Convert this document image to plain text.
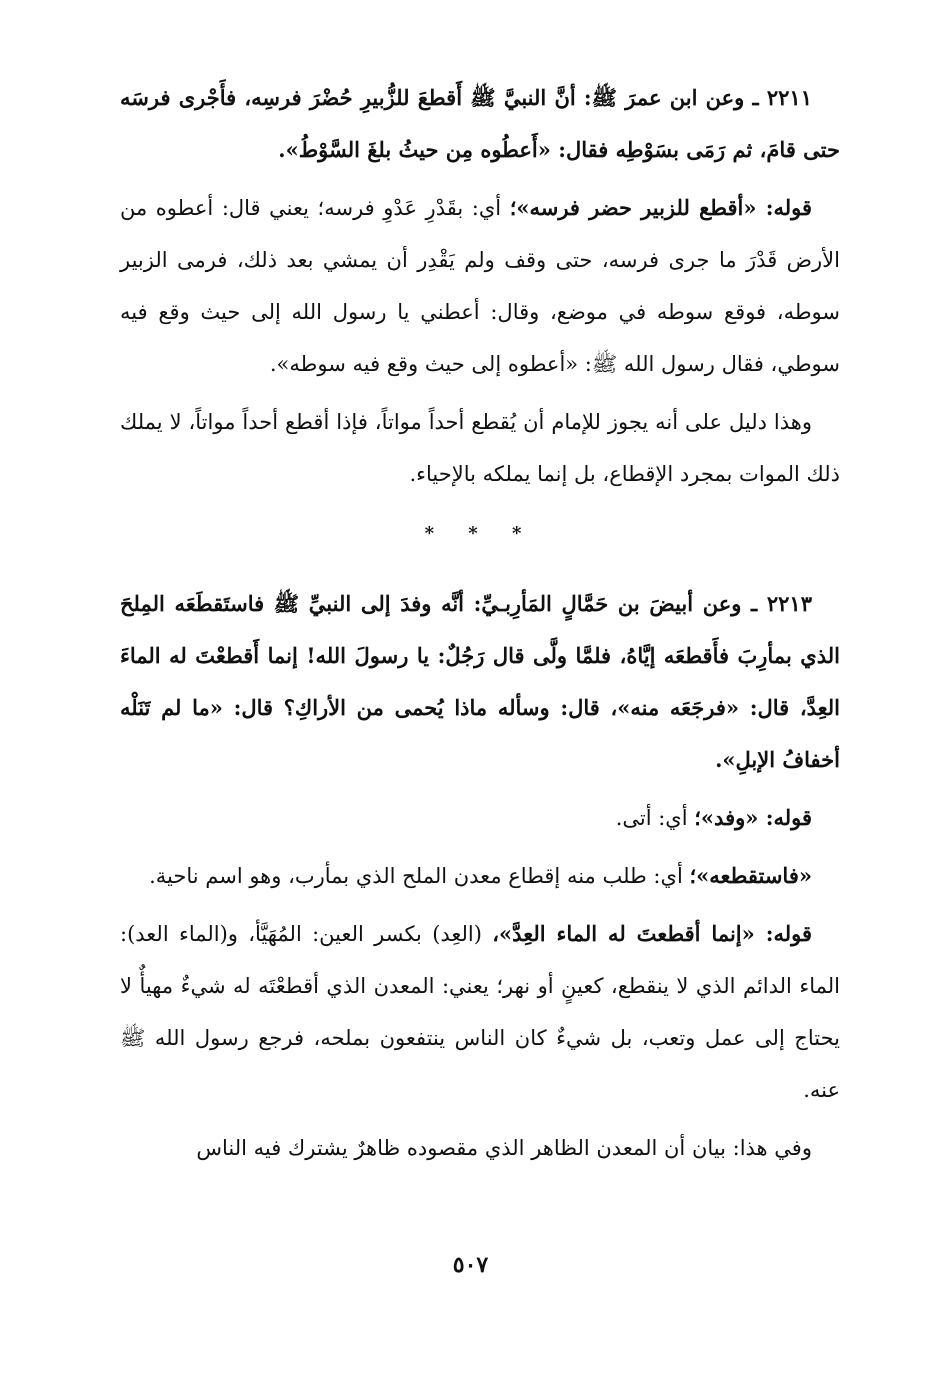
٢٢١١ ـ وعن ابن عمرَ ﷺ: أنَّ النبيَّ ﷺ أَقطعَ للزُّبيرِ حُضْرَ فرسِه، فأَجْرى فرسَه حتى قامَ، ثم رَمَى بسَوْطِه فقال: «أَعطُوه مِن حيثُ بلغَ السَّوْطُ».

قوله: «أقطع للزبير حضر فرسه»؛ أي: بقَدْرِ عَدْوِ فرسه؛ يعني قال: أعطوه من الأرض قَدْرَ ما جرى فرسه، حتى وقف ولم يَقْدِر أن يمشي بعد ذلك، فرمى الزبير سوطه، فوقع سوطه في موضع، وقال: أعطني يا رسول الله إلى حيث وقع فيه سوطي، فقال رسول الله ﷺ: «أعطوه إلى حيث وقع فيه سوطه».

وهذا دليل على أنه يجوز للإمام أن يُقطع أحداً مواتاً، فإذا أقطع أحداً مواتاً، لا يملك ذلك الموات بمجرد الإقطاع، بل إنما يملكه بالإحياء.

* * *

٢٢١٣ ـ وعن أبيضَ بن حَمَّالٍ المَأرِبـيِّ: أنَّه وفدَ إلى النبيِّ ﷺ فاستَقطَعَه المِلحَ الذي بمأرِبَ فأَقطعَه إيَّاهُ، فلمَّا ولَّى قال رَجُلٌ: يا رسولَ الله! إنما أَقطعْتَ له الماءَ العِدَّ، قال: «فرجَعَه منه»، قال: وسأله ماذا يُحمى من الأراكِ؟ قال: «ما لم تَنَلْه أخفافُ الإبلِ».

قوله: «وفد»؛ أي: أتى.

«فاستقطعه»؛ أي: طلب منه إقطاع معدن الملح الذي بمأرب، وهو اسم ناحية.

قوله: «إنما أقطعتَ له الماء العِدَّ»، (العِد) بكسر العين: المُهَيَّأ، و(الماء العد): الماء الدائم الذي لا ينقطع، كعينٍ أو نهر؛ يعني: المعدن الذي أقطعْتَه له شيءٌ مهيأٌ لا يحتاج إلى عمل وتعب، بل شيءٌ كان الناس ينتفعون بملحه، فرجع رسول الله ﷺ عنه.

وفي هذا: بيان أن المعدن الظاهر الذي مقصوده ظاهرٌ يشترك فيه الناس

٥٠٧
